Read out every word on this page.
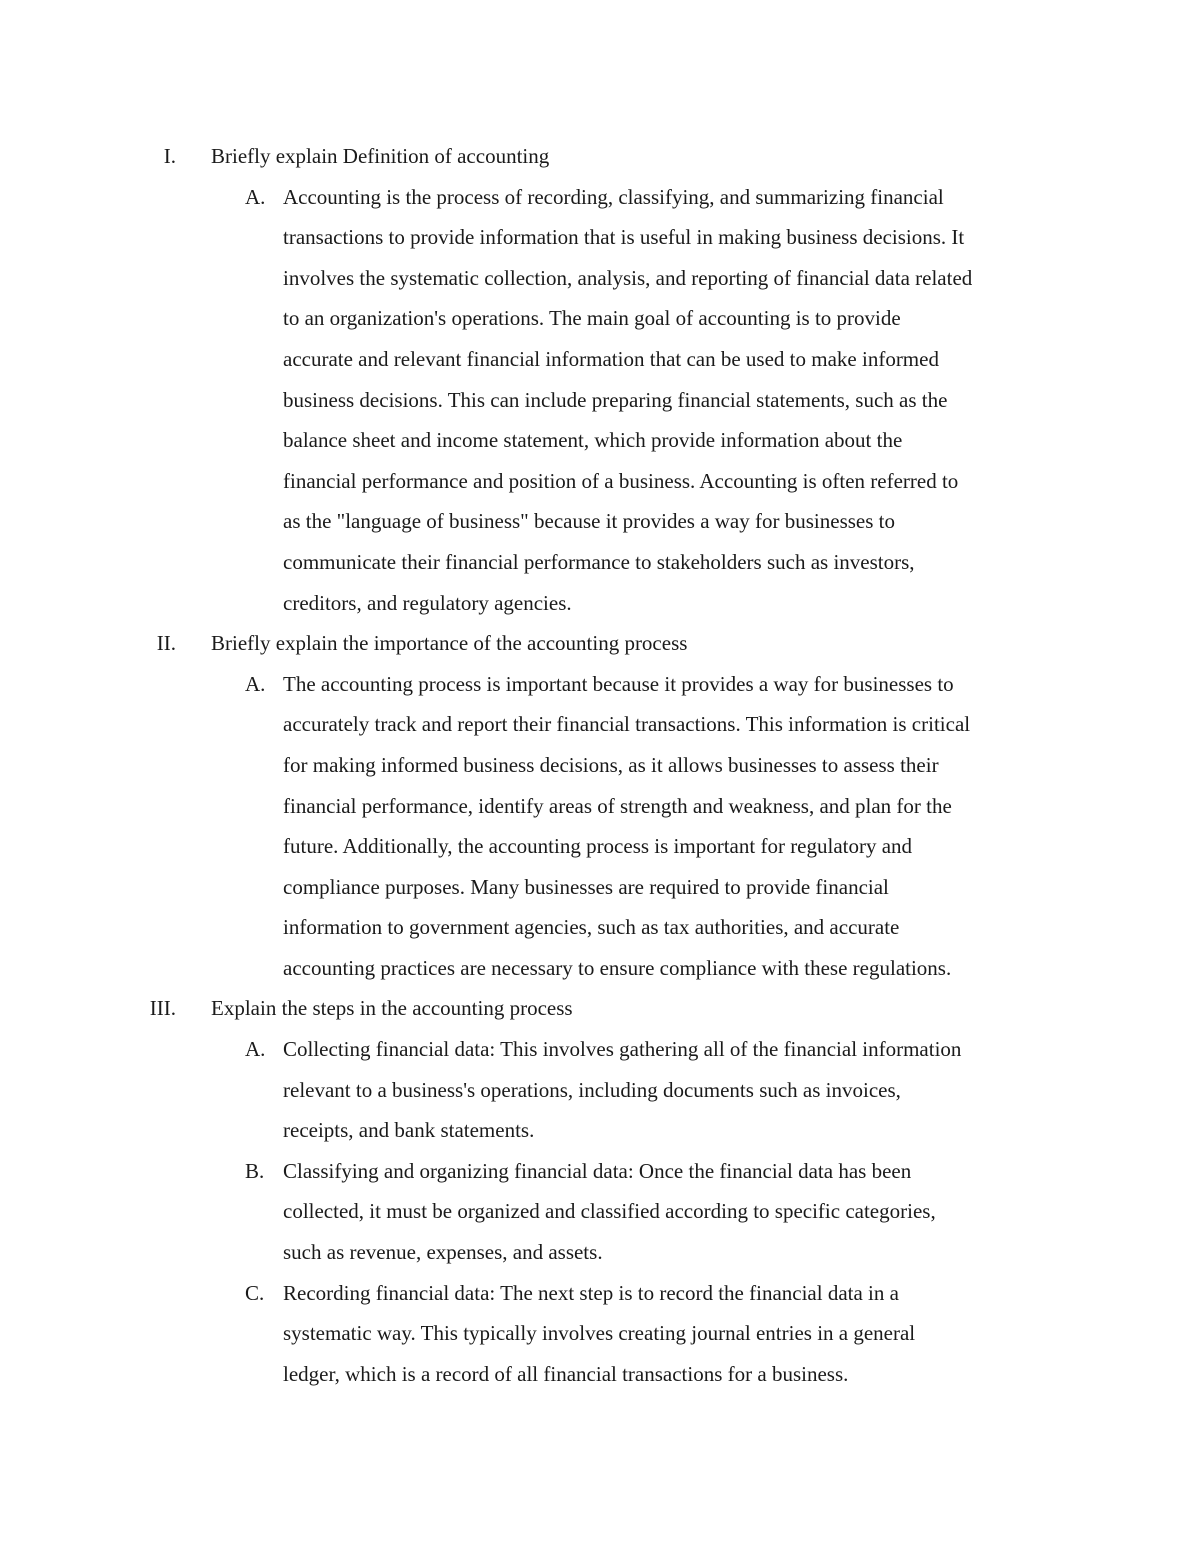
I. Briefly explain Definition of accounting
A. Accounting is the process of recording, classifying, and summarizing financial
transactions to provide information that is useful in making business decisions. It
involves the systematic collection, analysis, and reporting of financial data related
to an organization's operations. The main goal of accounting is to provide
accurate and relevant financial information that can be used to make informed
business decisions. This can include preparing financial statements, such as the
balance sheet and income statement, which provide information about the
financial performance and position of a business. Accounting is often referred to
as the "language of business" because it provides a way for businesses to
communicate their financial performance to stakeholders such as investors,
creditors, and regulatory agencies.
II. Briefly explain the importance of the accounting process
A. The accounting process is important because it provides a way for businesses to
accurately track and report their financial transactions. This information is critical
for making informed business decisions, as it allows businesses to assess their
financial performance, identify areas of strength and weakness, and plan for the
future. Additionally, the accounting process is important for regulatory and
compliance purposes. Many businesses are required to provide financial
information to government agencies, such as tax authorities, and accurate
accounting practices are necessary to ensure compliance with these regulations.
III. Explain the steps in the accounting process
A. Collecting financial data: This involves gathering all of the financial information
relevant to a business's operations, including documents such as invoices,
receipts, and bank statements.
B. Classifying and organizing financial data: Once the financial data has been
collected, it must be organized and classified according to specific categories,
such as revenue, expenses, and assets.
C. Recording financial data: The next step is to record the financial data in a
systematic way. This typically involves creating journal entries in a general
ledger, which is a record of all financial transactions for a business.
